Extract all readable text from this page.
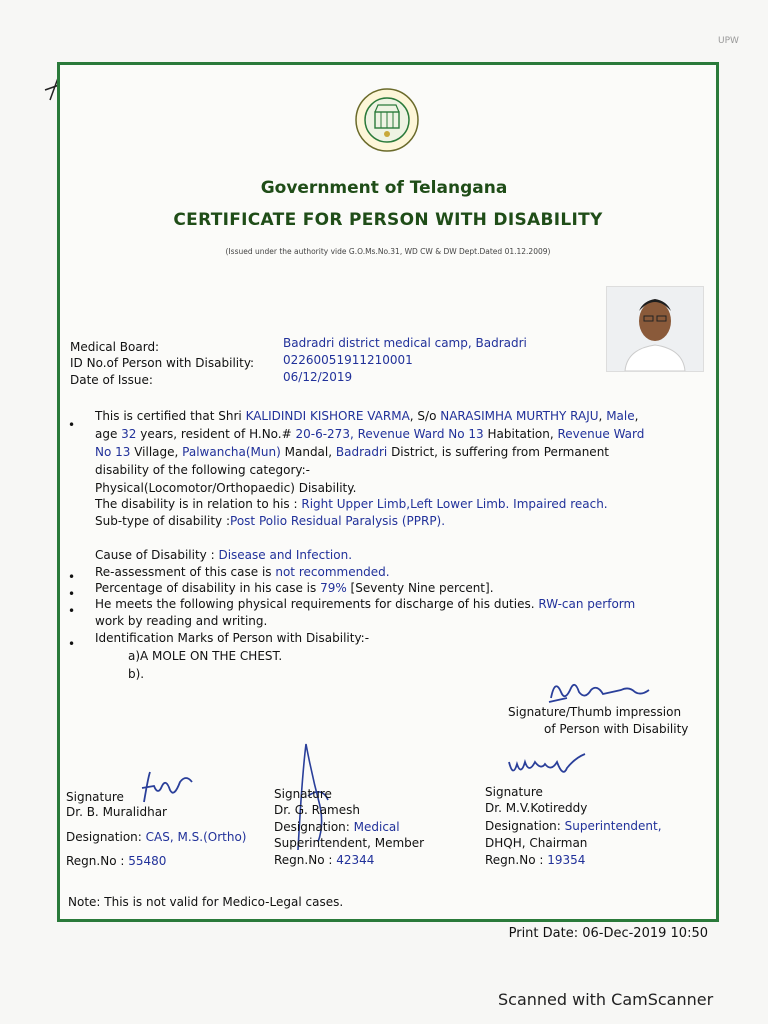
UPW
Government of Telangana
CERTIFICATE FOR PERSON WITH DISABILITY
(Issued under the authority vide G.O.Ms.No.31, WD CW & DW Dept.Dated 01.12.2009)
Medical Board:	Badradri district medical camp, Badradri
ID No.of Person with Disability: 02260051911210001
Date of Issue:	06/12/2019
•
This is certified that Shri KALIDINDI KISHORE VARMA, S/o NARASIMHA MURTHY RAJU, Male,
age 32 years, resident of H.No.# 20-6-273, Revenue Ward No 13 Habitation, Revenue Ward
No 13 Village, Palwancha(Mun) Mandal, Badradri District, is suffering from Permanent
disability of the following category:-
Physical(Locomotor/Orthopaedic) Disability.
The disability is in relation to his : Right Upper Limb,Left Lower Limb. Impaired reach.
Sub-type of disability :Post Polio Residual Paralysis (PPRP).
Cause of Disability : Disease and Infection.
• Re-assessment of this case is not recommended.
• Percentage of disability in his case is 79% [Seventy Nine percent].
• He meets the following physical requirements for discharge of his duties. RW-can perform
work by reading and writing.
• Identification Marks of Person with Disability:-
a)A MOLE ON THE CHEST.
b).
Signature/Thumb impression
of Person with Disability
Signature
Dr. B. Muralidhar
Designation: CAS, M.S.(Ortho)
Regn.No : 55480
Signature
Dr. G. Ramesh
Designation: Medical
Superintendent, Member
Regn.No : 42344
Signature
Dr. M.V.Kotireddy
Designation: Superintendent,
DHQH, Chairman
Regn.No : 19354
Note: This is not valid for Medico-Legal cases.
Print Date: 06-Dec-2019 10:50
Scanned with CamScanner
